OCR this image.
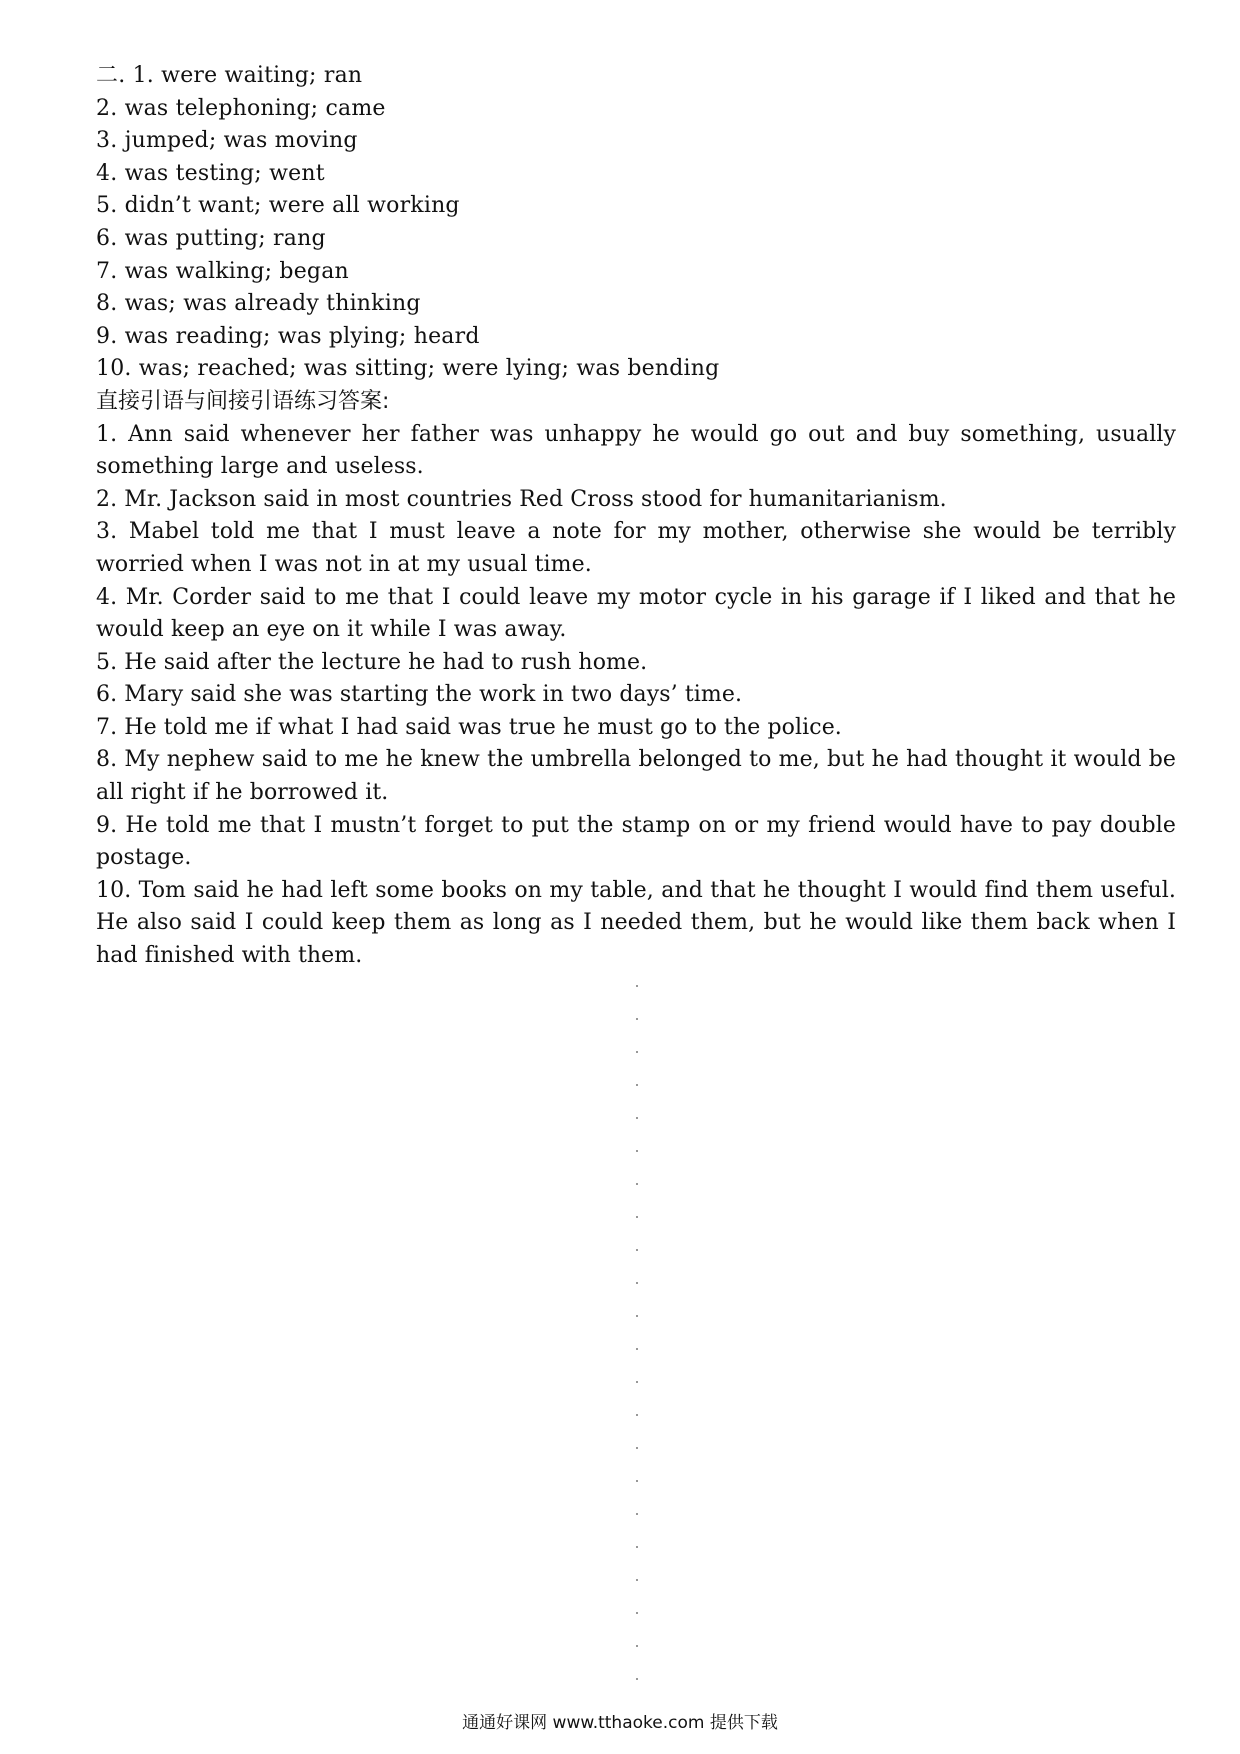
二. 1. were waiting; ran
2. was telephoning; came
3. jumped; was moving
4. was testing; went
5. didn’t want; were all working
6. was putting; rang
7. was walking; began
8. was; was already thinking
9. was reading; was plying; heard
10. was; reached; was sitting; were lying; was bending
直接引语与间接引语练习答案:
1. Ann said whenever her father was unhappy he would go out and buy something, usually something large and useless.
2. Mr. Jackson said in most countries Red Cross stood for humanitarianism.
3. Mabel told me that I must leave a note for my mother, otherwise she would be terribly worried when I was not in at my usual time.
4. Mr. Corder said to me that I could leave my motor cycle in his garage if I liked and that he would keep an eye on it while I was away.
5. He said after the lecture he had to rush home.
6. Mary said she was starting the work in two days’ time.
7. He told me if what I had said was true he must go to the police.
8. My nephew said to me he knew the umbrella belonged to me, but he had thought it would be all right if he borrowed it.
9. He told me that I mustn’t forget to put the stamp on or my friend would have to pay double postage.
10. Tom said he had left some books on my table, and that he thought I would find them useful. He also said I could keep them as long as I needed them, but he would like them back when I had finished with them.
通通好课网 www.tthaoke.com 提供下载
